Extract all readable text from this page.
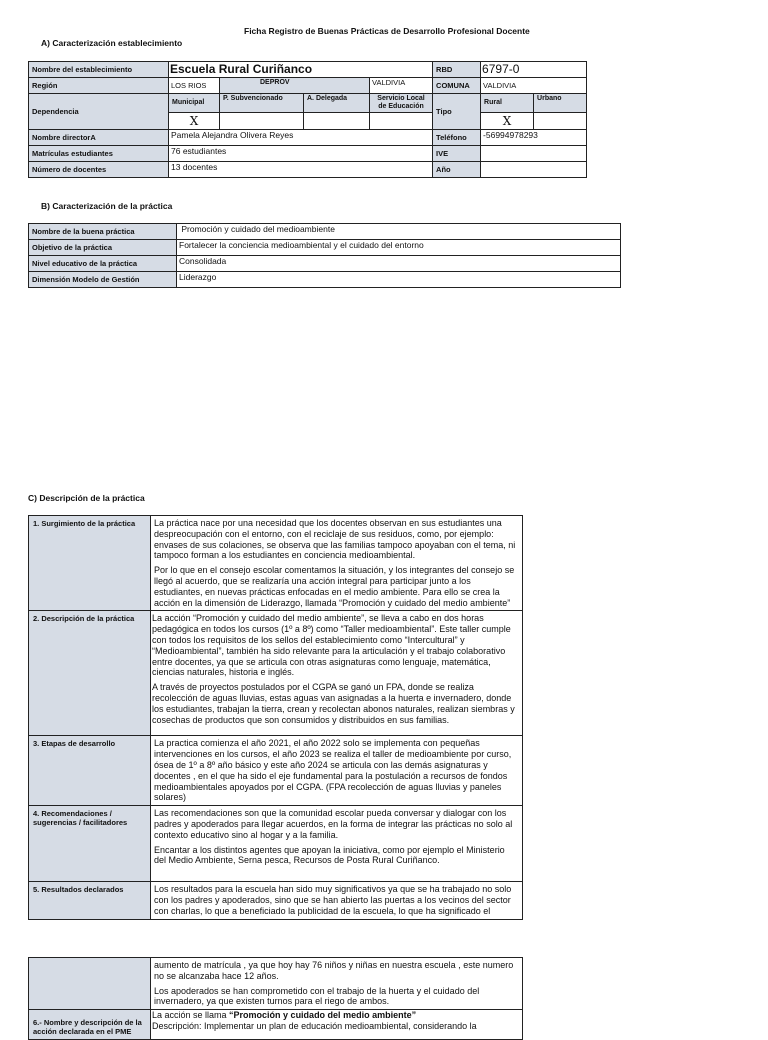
Ficha Registro de Buenas Prácticas de Desarrollo Profesional Docente
A) Caracterización establecimiento
Nombre del establecimiento	Escuela Rural Curiñanco				RBD	6797-0	
Región	LOS RIOS	DEPROV		VALDIVIA	COMUNA	VALDIVIA	
Dependencia	Municipal	P. Subvencionado	A. Delegada	Servicio Local de Educación	Tipo	Rural	Urbano
	X					X	
Nombre directorA	Pamela Alejandra Olivera Reyes				Teléfono	-56994978293	
Matrículas estudiantes	76 estudiantes				IVE		
Número de docentes	13 docentes				Año		
B) Caracterización de la práctica
Nombre de la buena práctica	Promoción y cuidado del medioambiente
Objetivo de la práctica	Fortalecer la conciencia medioambiental y el cuidado del entorno
Nivel educativo de la práctica	Consolidada
Dimensión Modelo de Gestión	Liderazgo
C) Descripción de la práctica
1. Surgimiento de la práctica	La práctica nace por una necesidad que los docentes observan en sus estudiantes una despreocupación con el entorno, con el reciclaje de sus residuos, como, por ejemplo: envases de sus colaciones, se observa que las familias tampoco apoyaban con el tema, ni tampoco forman a los estudiantes en conciencia medioambiental.

Por lo que en el consejo escolar comentamos la situación, y los integrantes del consejo se llegó al acuerdo, que se realizaría una acción integral para participar junto a los estudiantes, en nuevas prácticas enfocadas en el medio ambiente. Para ello se crea la acción en la dimensión de Liderazgo, llamada “Promoción y cuidado del medio ambiente”

2. Descripción de la práctica	La acción “Promoción y cuidado del medio ambiente”, se lleva a cabo en dos horas pedagógica en todos los cursos (1º a 8º) como “Taller medioambiental”. Este taller cumple con todos los requisitos de los sellos del establecimiento como “Intercultural” y “Medioambiental”, también ha sido relevante para la articulación y el trabajo colaborativo entre docentes, ya que se articula con otras asignaturas como lenguaje, matemática, ciencias naturales, historia e inglés.

A través de proyectos postulados por el CGPA se ganó un FPA, donde se realiza recolección de aguas lluvias, estas aguas van asignadas a la huerta e invernadero, donde los estudiantes, trabajan la tierra, crean y recolectan abonos naturales, realizan siembras y cosechas de productos que son consumidos y distribuidos en sus familias.

3. Etapas de desarrollo	La practica comienza el año 2021, el año 2022 solo se implementa con pequeñas intervenciones en los cursos, el año 2023 se realiza el taller de medioambiente por curso, ósea de 1º a 8º año básico y este año 2024 se articula con las demás asignaturas y docentes , en el que ha sido el eje fundamental para la postulación a recursos de fondos medioambientales apoyados por el CGPA. (FPA recolección de aguas lluvias y paneles solares)

4. Recomendaciones / sugerencias / facilitadores	Las recomendaciones son que la comunidad escolar pueda conversar y dialogar con los padres y apoderados para llegar acuerdos, en la forma de integrar las prácticas no solo al contexto educativo sino al hogar y a la familia.

Encantar a los distintos agentes que apoyan la iniciativa, como por ejemplo el Ministerio del Medio Ambiente, Serna pesca, Recursos de Posta Rural Curiñanco.

5. Resultados declarados	Los resultados para la escuela han sido muy significativos ya que se ha trabajado no solo con los padres y apoderados, sino que se han abierto las puertas a los vecinos del sector con charlas, lo que a beneficiado la publicidad de la escuela, lo que ha significado el

	aumento de matrícula , ya que hoy hay 76 niños y niñas en nuestra escuela , este numero no se alcanzaba hace 12 años.

Los apoderados se han comprometido con el trabajo de la huerta y el cuidado del invernadero, ya que existen turnos para el riego de ambos.

6.- Nombre y descripción de la acción declarada en el PME	La acción se llama “Promoción y cuidado del medio ambiente”
Descripción: Implementar un plan de educación medioambiental, considerando la
